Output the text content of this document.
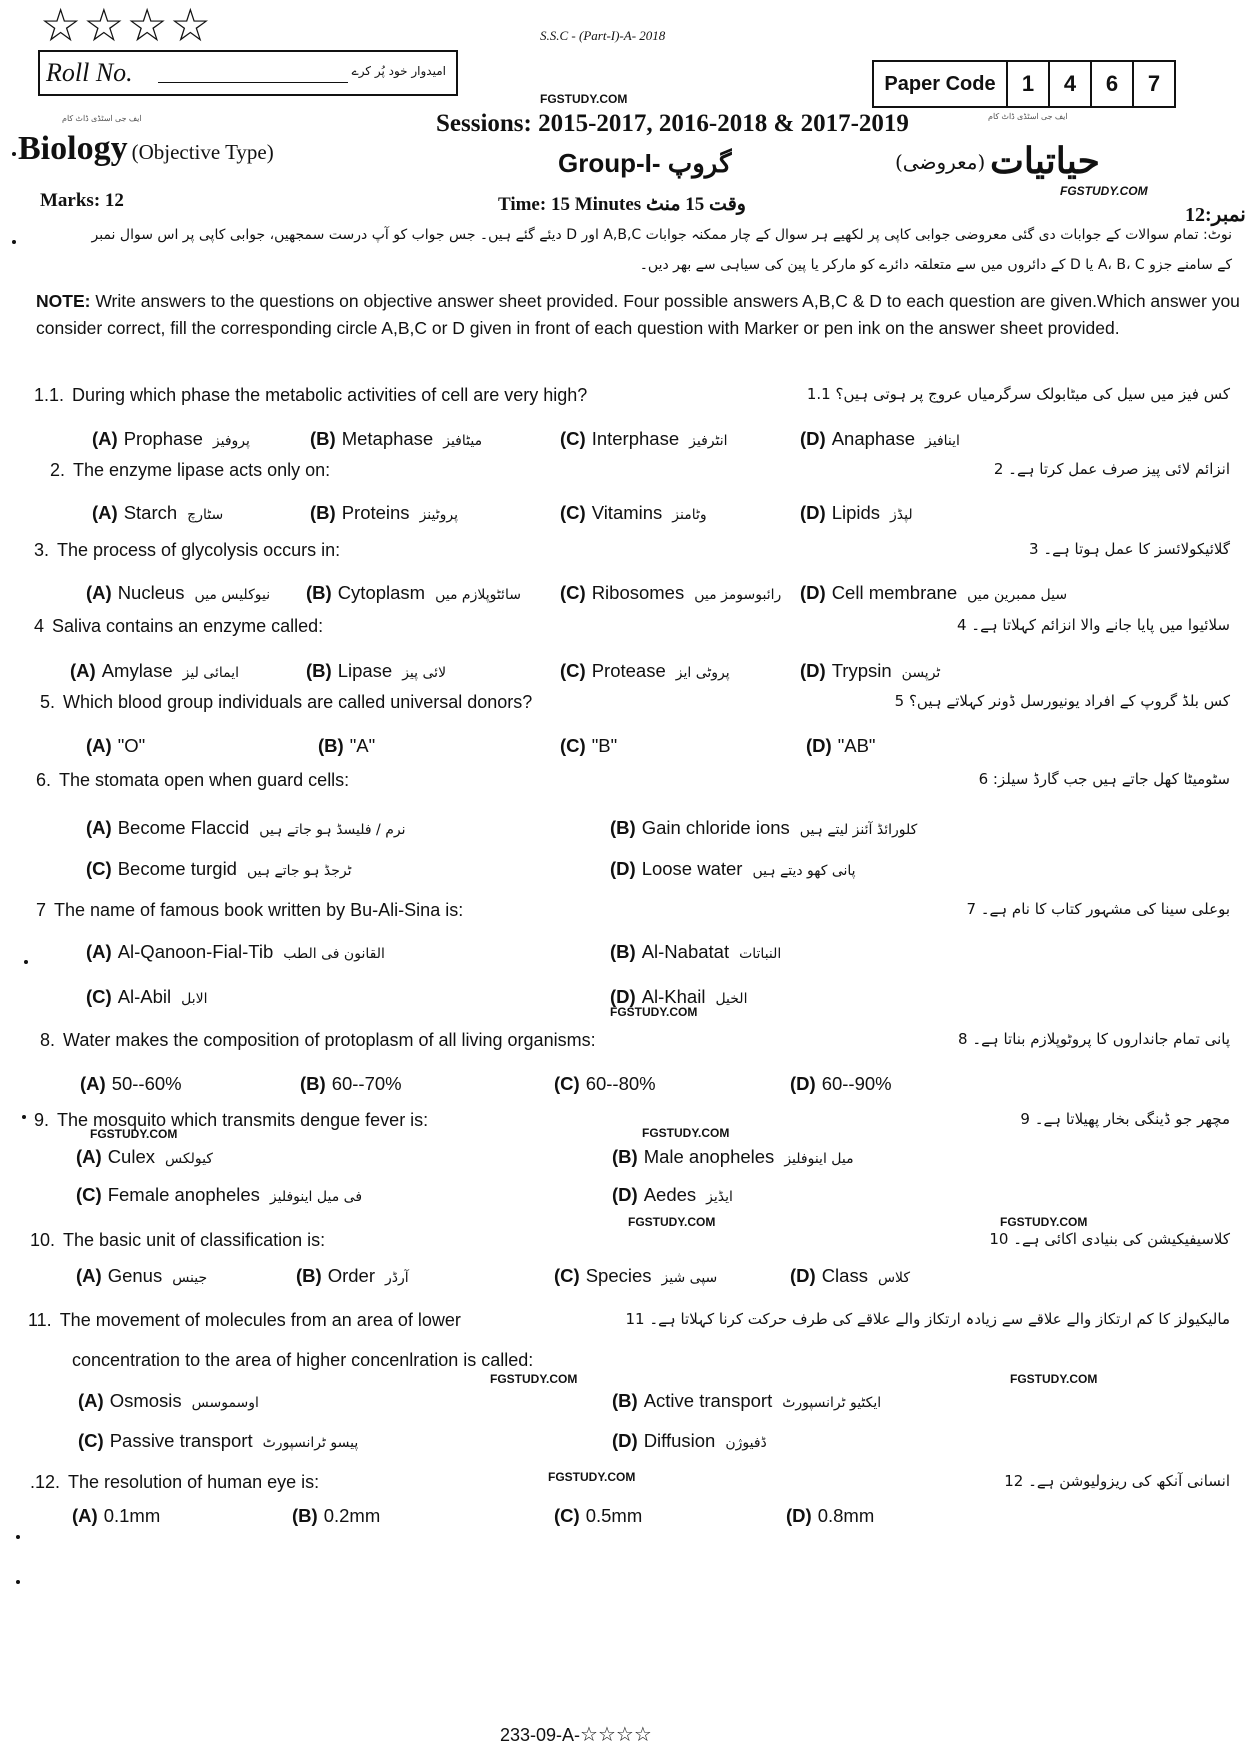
☆☆☆☆	S.S.C - (Part-I)-A- 2018
Roll No.	امیدوار خود پُر کرے
Paper Code	1	4	6	7
FGSTUDY.COM
Sessions: 2015-2017, 2016-2018 & 2017-2019	ایف جی اسٹڈی ڈاٹ کام
ایف جی اسٹڈی ڈاٹ کام
Biology (Objective Type)	Group-I- گروپ	(معروضی) حیاتیات
FGSTUDY.COM
Marks: 12	Time: 15 Minutes وقت 15 منٹ	نمبر:12
نوٹ: تمام سوالات کے جوابات دی گئی معروضی جوابی کاپی پر لکھیے ہر سوال کے چار ممکنہ جوابات A,B,C اور D دیئے گئے ہیں۔ جس جواب کو آپ درست سمجھیں، جوابی کاپی پر اس سوال نمبر
کے سامنے جزو A، B، C یا D کے دائروں میں سے متعلقہ دائرے کو مارکر یا پین کی سیاہی سے بھر دیں۔
NOTE: Write answers to the questions on objective answer sheet provided. Four possible answers A,B,C & D to each question are given.Which answer you consider correct, fill the corresponding circle A,B,C or D given in front of each question with Marker or pen ink on the answer sheet provided.
1.1. During which phase the metabolic activities of cell are very high?	کس فیز میں سیل کی میٹابولک سرگرمیاں عروج پر ہوتی ہیں؟ 1.1
(A) Prophase پروفیز	(B) Metaphase میٹافیز	(C) Interphase انٹرفیز	(D) Anaphase اینافیز
2. The enzyme lipase acts only on:	انزائم لائی پیز صرف عمل کرتا ہے۔ 2
(A) Starch سٹارچ	(B) Proteins پروٹینز	(C) Vitamins وٹامنز	(D) Lipids لپڈز
3. The process of glycolysis occurs in:	گلائیکولائسز کا عمل ہوتا ہے۔ 3
(A) Nucleus نیوکلیس میں (B) Cytoplasm سائٹوپلازم میں (C) Ribosomes رائبوسومز میں (D) Cell membrane سیل ممبرین میں
4 Saliva contains an enzyme called:	سلائیوا میں پایا جانے والا انزائم کہلاتا ہے۔ 4
(A) Amylase ایمائی لیز	(B) Lipase لائی پیز	(C) Protease پروٹی ایز	(D) Trypsin ٹرپسن
5. Which blood group individuals are called universal donors?	کس بلڈ گروپ کے افراد یونیورسل ڈونر کہلاتے ہیں؟ 5
(A) "O"	(B) "A"	(C) "B"	(D) "AB"
6. The stomata open when guard cells:	سٹومیٹا کھل جاتے ہیں جب گارڈ سیلز: 6
(A) Become Flaccid نرم / فلیسڈ ہو جاتے ہیں	(B) Gain chloride ions کلورائڈ آئنز لیتے ہیں
(C) Become turgid ٹرجڈ ہو جاتے ہیں	(D) Loose water پانی کھو دیتے ہیں
7 The name of famous book written by Bu-Ali-Sina is:	بوعلی سینا کی مشہور کتاب کا نام ہے۔ 7
(A) Al-Qanoon-Fial-Tib القانون فی الطب	(B) Al-Nabatat النباتات
(C) Al-Abil الابل	(D) Al-Khail الخیل
8. Water makes the composition of protoplasm of all living organisms:	پانی تمام جانداروں کا پروٹوپلازم بناتا ہے۔ 8
(A) 50--60%	(B) 60--70%	(C) 60--80%	(D) 60--90%
9. The mosquito which transmits dengue fever is:	مچھر جو ڈینگی بخار پھیلاتا ہے۔ 9
(A) Culex کیولکس	(B) Male anopheles میل اینوفلیز
(C) Female anopheles فی میل اینوفلیز	(D) Aedes ایڈیز
10. The basic unit of classification is:	کلاسیفیکیشن کی بنیادی اکائی ہے۔ 10
(A) Genus جینس	(B) Order آرڈر	(C) Species سپی شیز	(D) Class کلاس
11. The movement of molecules from an area of lower
concentration to the area of higher concenlration is called:
مالیکیولز کا کم ارتکاز والے علاقے سے زیادہ ارتکاز والے علاقے کی طرف حرکت کرنا کہلاتا ہے۔ 11
(A) Osmosis اوسموسس	(B) Active transport ایکٹیو ٹرانسپورٹ
(C) Passive transport پیسو ٹرانسپورٹ	(D) Diffusion ڈفیوژن
.12. The resolution of human eye is:	انسانی آنکھ کی ریزولیوشن ہے۔ 12
(A) 0.1mm	(B) 0.2mm	(C) 0.5mm	(D) 0.8mm
FGSTUDY.COM
FGSTUDY.COM
FGSTUDY.COM
FGSTUDY.COM	FGSTUDY.COM
FGSTUDY.COM
FGSTUDY.COM
FGSTUDY.COM
233-09-A-☆☆☆☆
